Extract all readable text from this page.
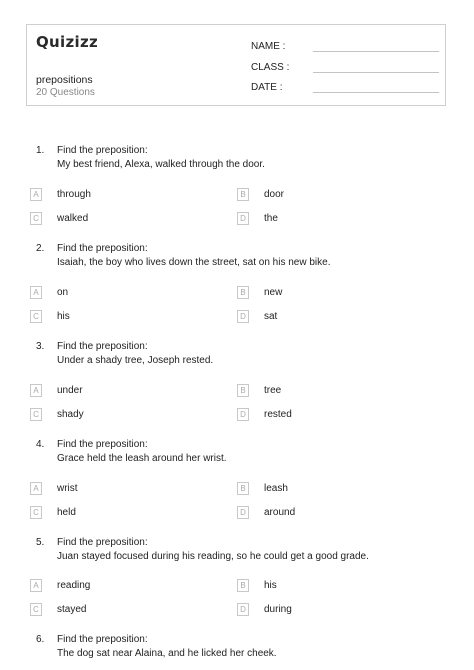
Quizizz
prepositions
20 Questions
NAME :
CLASS :
DATE :
1. Find the preposition:
My best friend, Alexa, walked through the door.
A	through	B	door
C	walked	D	the
2. Find the preposition:
Isaiah, the boy who lives down the street, sat on his new bike.
A	on	B	new
C	his	D	sat
3. Find the preposition:
Under a shady tree, Joseph rested.
A	under	B	tree
C	shady	D	rested
4. Find the preposition:
Grace held the leash around her wrist.
A	wrist	B	leash
C	held	D	around
5. Find the preposition:
Juan stayed focused during his reading, so he could get a good grade.
A	reading	B	his
C	stayed	D	during
6. Find the preposition:
The dog sat near Alaina, and he licked her cheek.
